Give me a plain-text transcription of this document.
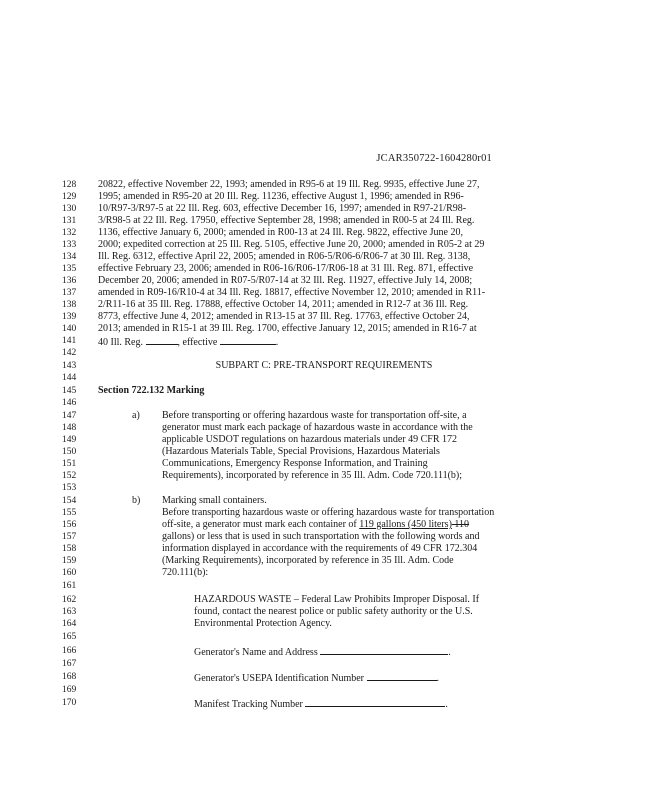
JCAR350722-1604280r01
128	20822, effective November 22, 1993; amended in R95-6 at 19 Ill. Reg. 9935, effective June 27,
129	1995; amended in R95-20 at 20 Ill. Reg. 11236, effective August 1, 1996; amended in R96-
130	10/R97-3/R97-5 at 22 Ill. Reg. 603, effective December 16, 1997; amended in R97-21/R98-
131	3/R98-5 at 22 Ill. Reg. 17950, effective September 28, 1998; amended in R00-5 at 24 Ill. Reg.
132	1136, effective January 6, 2000; amended in R00-13 at 24 Ill. Reg. 9822, effective June 20,
133	2000; expedited correction at 25 Ill. Reg. 5105, effective June 20, 2000; amended in R05-2 at 29
134	Ill. Reg. 6312, effective April 22, 2005; amended in R06-5/R06-6/R06-7 at 30 Ill. Reg. 3138,
135	effective February 23, 2006; amended in R06-16/R06-17/R06-18 at 31 Ill. Reg. 871, effective
136	December 20, 2006; amended in R07-5/R07-14 at 32 Ill. Reg. 11927, effective July 14, 2008;
137	amended in R09-16/R10-4 at 34 Ill. Reg. 18817, effective November 12, 2010; amended in R11-
138	2/R11-16 at 35 Ill. Reg. 17888, effective October 14, 2011; amended in R12-7 at 36 Ill. Reg.
139	8773, effective June 4, 2012; amended in R13-15 at 37 Ill. Reg. 17763, effective October 24,
140	2013; amended in R15-1 at 39 Ill. Reg. 1700, effective January 12, 2015; amended in R16-7 at
141	40 Ill. Reg.	, effective	.
142
143	SUBPART C: PRE-TRANSPORT REQUIREMENTS
144
145	Section 722.132 Marking
146
147	a) Before transporting or offering hazardous waste for transportation off-site, a
148	generator must mark each package of hazardous waste in accordance with the
149	applicable USDOT regulations on hazardous materials under 49 CFR 172
150	(Hazardous Materials Table, Special Provisions, Hazardous Materials
151	Communications, Emergency Response Information, and Training
152	Requirements), incorporated by reference in 35 Ill. Adm. Code 720.111(b);
153
154	b) Marking small containers.
155	Before transporting hazardous waste or offering hazardous waste for transportation
156	off-site, a generator must mark each container of 119 gallons (450 liters) 110
157	gallons) or less that is used in such transportation with the following words and
158	information displayed in accordance with the requirements of 49 CFR 172.304
159	(Marking Requirements), incorporated by reference in 35 Ill. Adm. Code
160	720.111(b):
161
162	HAZARDOUS WASTE – Federal Law Prohibits Improper Disposal. If
163	found, contact the nearest police or public safety authority or the U.S.
164	Environmental Protection Agency.
165
166	Generator's Name and Address	.
167
168	Generator's USEPA Identification Number	.
169
170	Manifest Tracking Number	.
